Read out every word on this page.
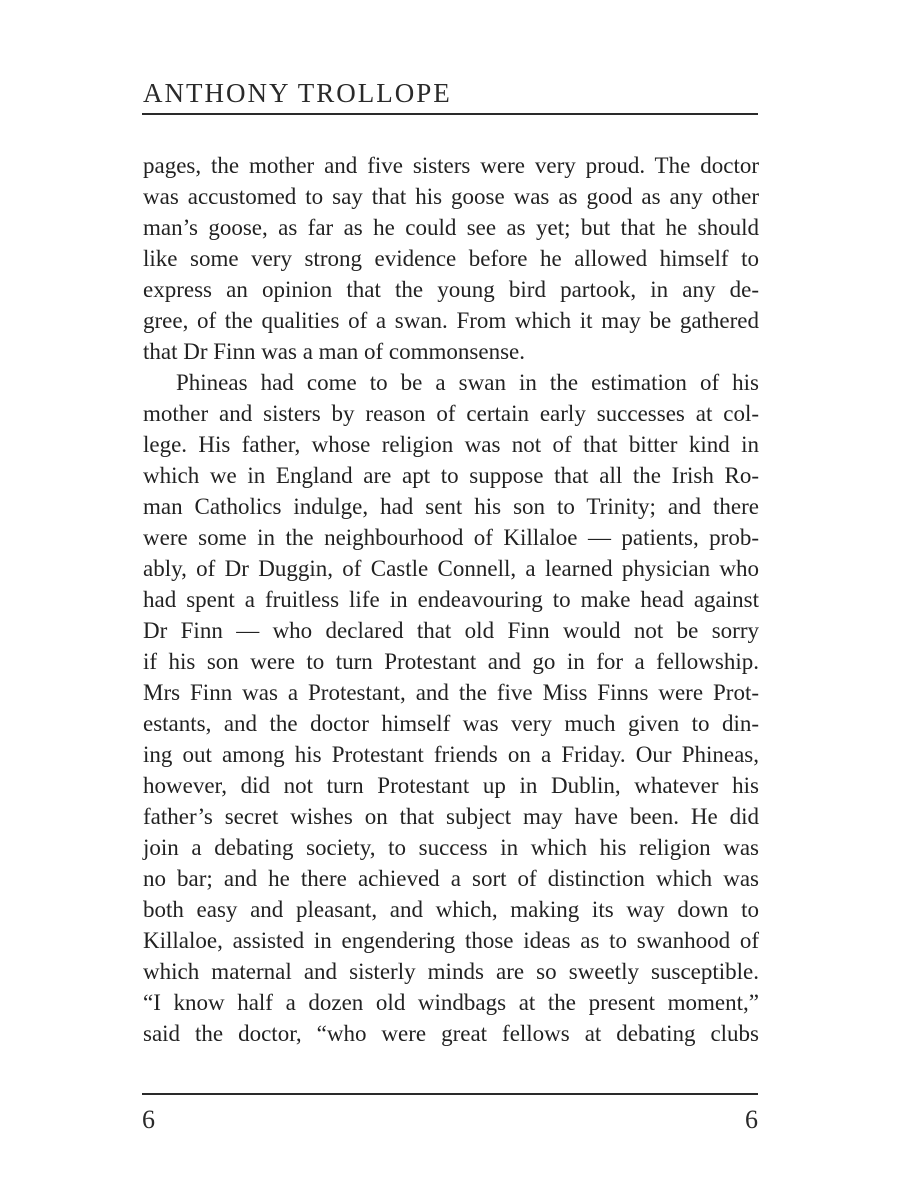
ANTHONY TROLLOPE
pages, the mother and five sisters were very proud. The doctor
was accustomed to say that his goose was as good as any other
man’s goose, as far as he could see as yet; but that he should
like some very strong evidence before he allowed himself to
express an opinion that the young bird partook, in any de-
gree, of the qualities of a swan. From which it may be gathered
that Dr Finn was a man of commonsense.
Phineas had come to be a swan in the estimation of his
mother and sisters by reason of certain early successes at col-
lege. His father, whose religion was not of that bitter kind in
which we in England are apt to suppose that all the Irish Ro-
man Catholics indulge, had sent his son to Trinity; and there
were some in the neighbourhood of Killaloe — patients, prob-
ably, of Dr Duggin, of Castle Connell, a learned physician who
had spent a fruitless life in endeavouring to make head against
Dr Finn — who declared that old Finn would not be sorry
if his son were to turn Protestant and go in for a fellowship.
Mrs Finn was a Protestant, and the five Miss Finns were Prot-
estants, and the doctor himself was very much given to din-
ing out among his Protestant friends on a Friday. Our Phineas,
however, did not turn Protestant up in Dublin, whatever his
father’s secret wishes on that subject may have been. He did
join a debating society, to success in which his religion was
no bar; and he there achieved a sort of distinction which was
both easy and pleasant, and which, making its way down to
Killaloe, assisted in engendering those ideas as to swanhood of
which maternal and sisterly minds are so sweetly susceptible.
“I know half a dozen old windbags at the present moment,”
said the doctor, “who were great fellows at debating clubs
6	6
